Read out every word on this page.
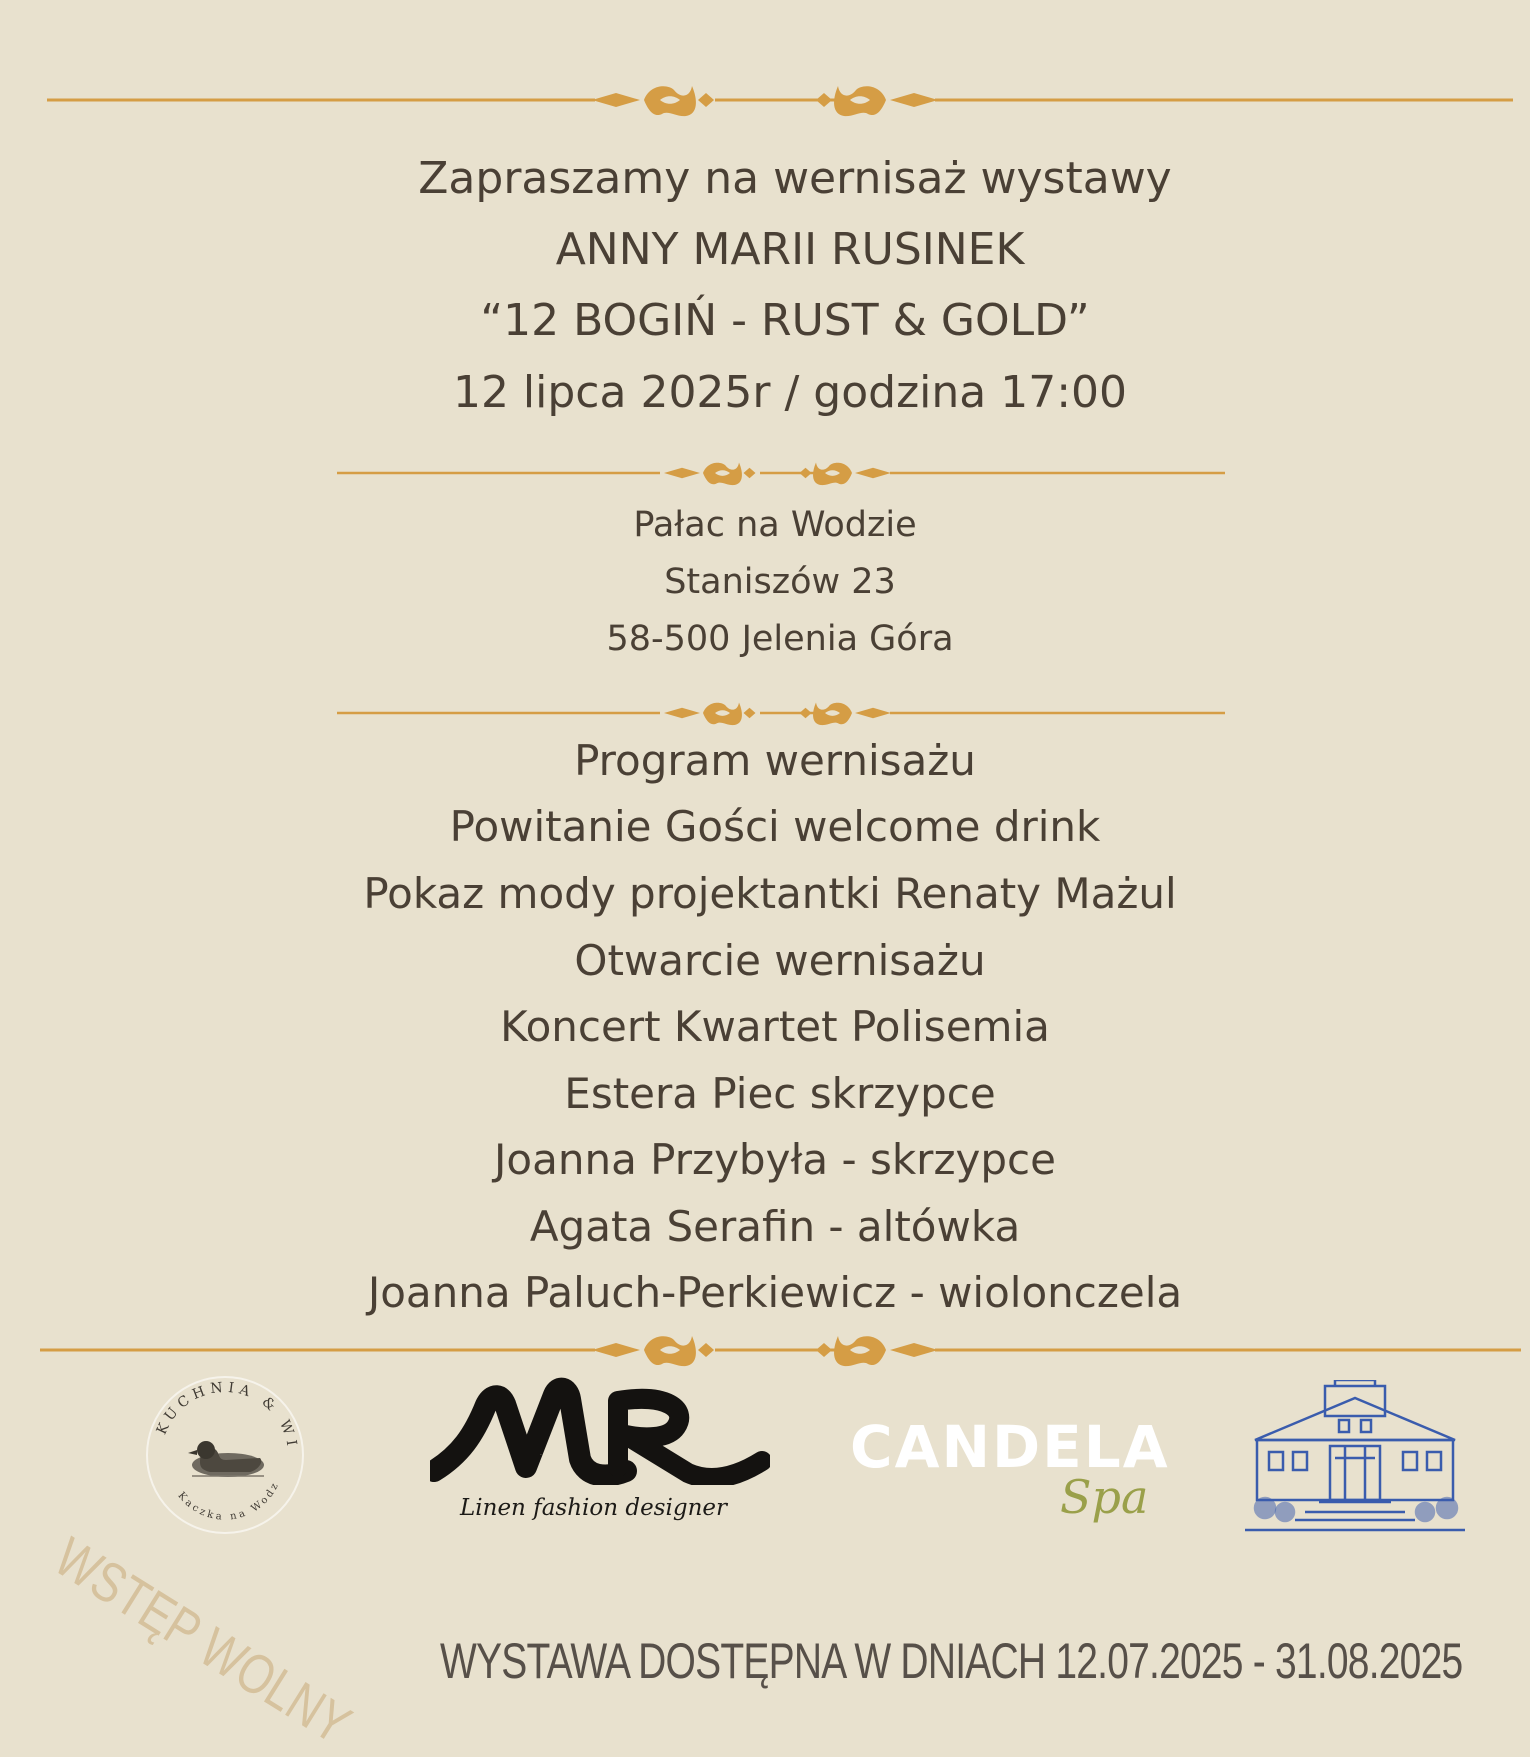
Zapraszamy na wernisaż wystawy
ANNY MARII RUSINEK
“12 BOGIŃ - RUST & GOLD”
12 lipca 2025r / godzina 17:00
Pałac na Wodzie
Staniszów 23
58-500 Jelenia Góra
Program wernisażu
Powitanie Gości welcome drink
Pokaz mody projektantki Renaty Mażul
Otwarcie wernisażu
Koncert Kwartet Polisemia
Estera Piec skrzypce
Joanna Przybyła - skrzypce
Agata Serafin - altówka
Joanna Paluch-Perkiewicz - wiolonczela
KUCHNIA & WI
Kaczka na Wodz
MR
Linen fashion designer
CANDELA
Spa
WSTĘP WOLNY WYSTAWA DOSTĘPNA W DNIACH 12.07.2025 - 31.08.2025
